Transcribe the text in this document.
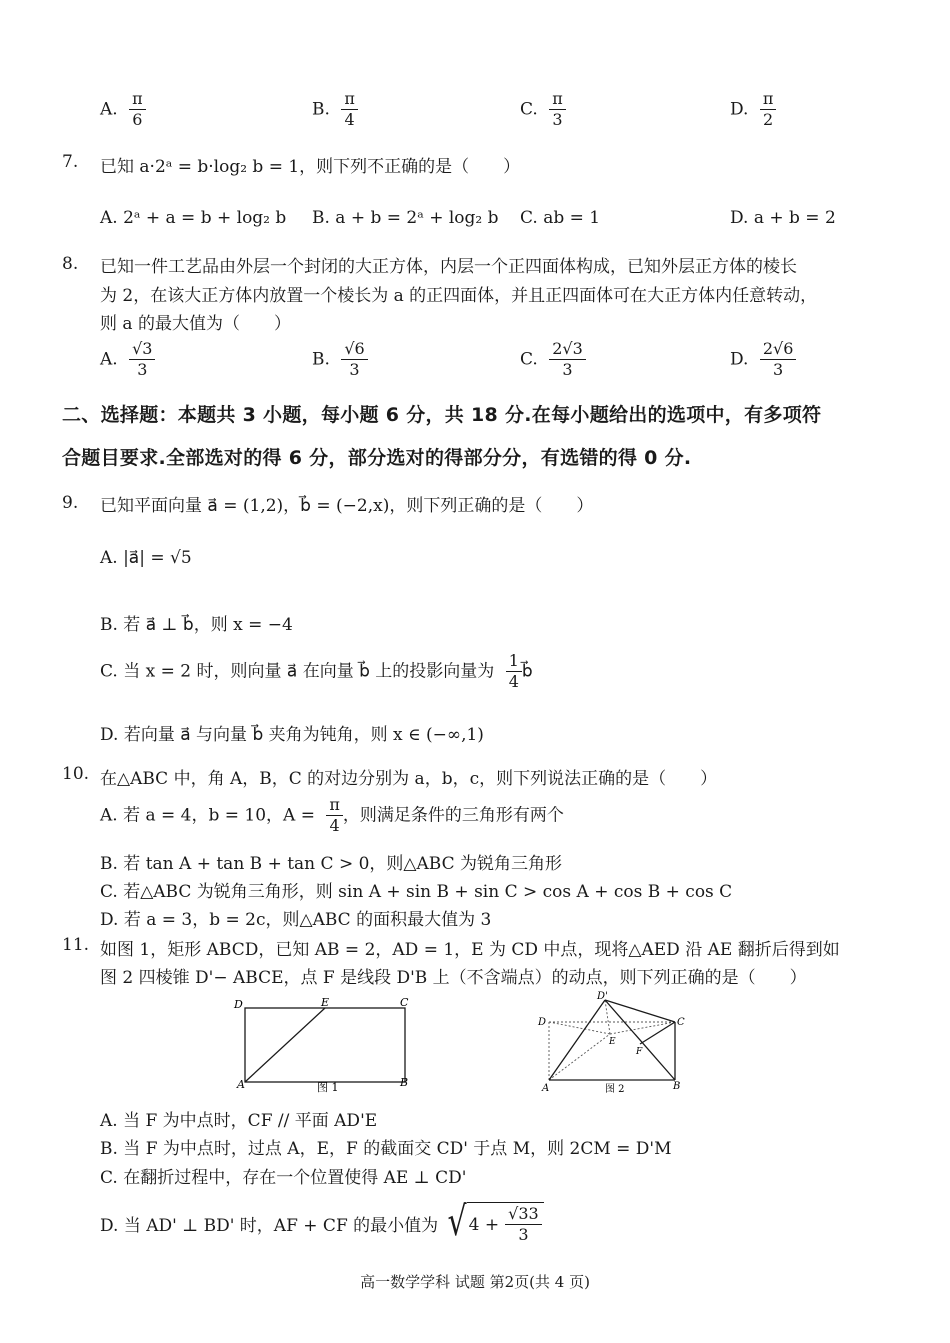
A. $\frac{\pi}{6}$	B. $\frac{\pi}{4}$	C. $\frac{\pi}{3}$	D. $\frac{\pi}{2}$
7. 已知 a·2ᵃ = b·log₂ b = 1，则下列不正确的是（　　）
A. 2ᵃ + a = b + log₂ b B. a + b = 2ᵃ + log₂ b C. ab = 1	D. a + b = 2
8. 已知一件工艺品由外层一个封闭的大正方体，内层一个正四面体构成，已知外层正方体的棱长
为 2，在该大正方体内放置一个棱长为 a 的正四面体，并且正四面体可在大正方体内任意转动，
则 a 的最大值为（　　）
A. $\frac{√3}{3}$	B. $\frac{√6}{3}$	C. $\frac{2√3}{3}$	D. $\frac{2√6}{3}$
二、选择题：本题共 3 小题，每小题 6 分，共 18 分.在每小题给出的选项中，有多项符
合题目要求.全部选对的得 6 分，部分选对的得部分分，有选错的得 0 分.
9. 已知平面向量 a⃗ = (1,2)，b⃗ = (−2,x)，则下列正确的是（　　）
A. |a⃗| = √5
B. 若 a⃗ ⊥ b⃗，则 x = −4
C. 当 x = 2 时，则向量 a⃗ 在向量 b⃗ 上的投影向量为 $\frac{1}{4}$ b⃗
D. 若向量 a⃗ 与向量 b⃗ 夹角为钝角，则 x ∈ (−∞,1)
10. 在△ABC 中，角 A，B，C 的对边分别为 a，b，c，则下列说法正确的是（　　）
A. 若 a = 4，b = 10，$A = \frac{\pi}{4}$ ，则满足条件的三角形有两个
B. 若 tan A + tan B + tan C > 0，则△ABC 为锐角三角形
C. 若△ABC 为锐角三角形，则 sin A + sin B + sin C > cos A + cos B + cos C
D. 若 a = 3，b = 2c，则△ABC 的面积最大值为 3
11. 如图 1，矩形 ABCD，已知 AB = 2，AD = 1，E 为 CD 中点，现将△AED 沿 AE 翻折后得到如
图 2 四棱锥 D'− ABCE，点 F 是线段 D'B 上（不含端点）的动点，则下列正确的是（　　）
D	E	C
A	B
图 1
D'
D	C
E
F
A	B
图 2
A. 当 F 为中点时，CF // 平面 AD'E
B. 当 F 为中点时，过点 A，E，F 的截面交 CD' 于点 M，则 2CM = D'M
C. 在翻折过程中，存在一个位置使得 AE ⊥ CD'
D. 当 AD' ⊥ BD' 时，AF + CF 的最小值为 √ $4 + \frac{√33}{3}$
高一数学学科 试题 第2页(共 4 页)
